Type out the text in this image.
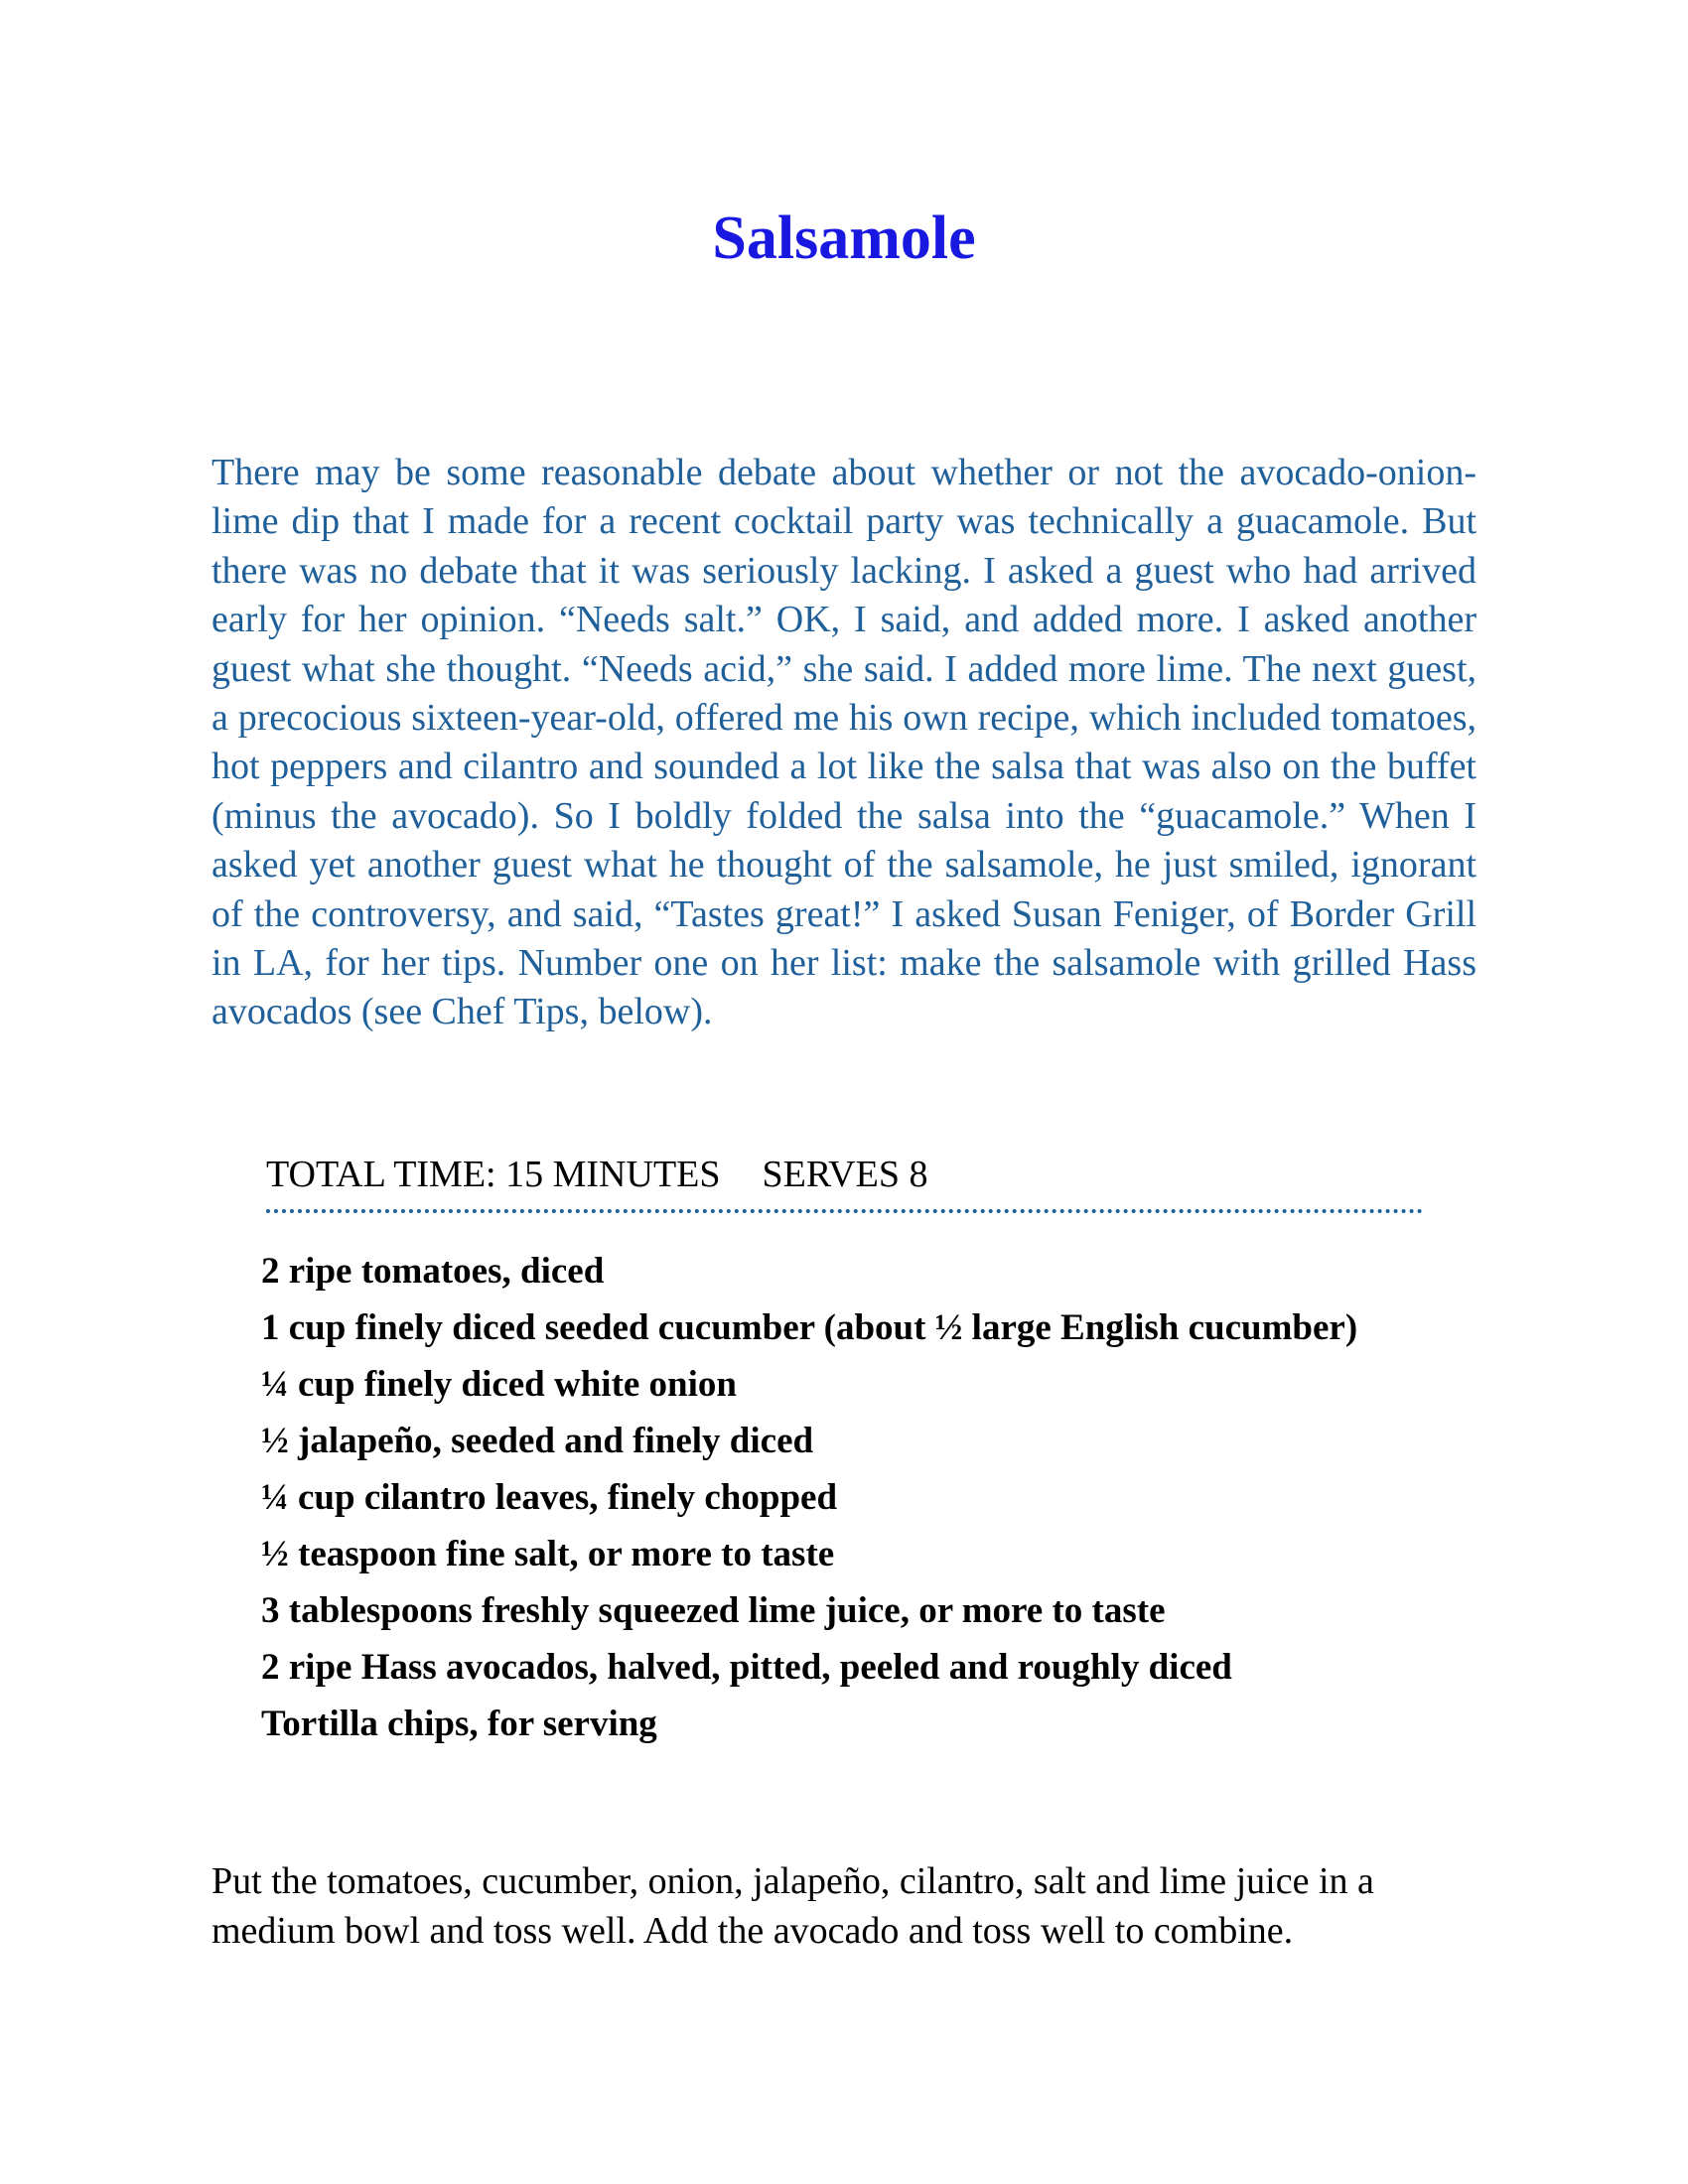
Salsamole

There may be some reasonable debate about whether or not the avocado-onion-lime dip that I made for a recent cocktail party was technically a guacamole. But there was no debate that it was seriously lacking. I asked a guest who had arrived early for her opinion. “Needs salt.” OK, I said, and added more. I asked another guest what she thought. “Needs acid,” she said. I added more lime. The next guest, a precocious sixteen-year-old, offered me his own recipe, which included tomatoes, hot peppers and cilantro and sounded a lot like the salsa that was also on the buffet (minus the avocado). So I boldly folded the salsa into the “guacamole.” When I asked yet another guest what he thought of the salsamole, he just smiled, ignorant of the controversy, and said, “Tastes great!” I asked Susan Feniger, of Border Grill in LA, for her tips. Number one on her list: make the salsamole with grilled Hass avocados (see Chef Tips, below).

TOTAL TIME: 15 MINUTES SERVES 8
2 ripe tomatoes, diced
1 cup finely diced seeded cucumber (about ½ large English cucumber)
¼ cup finely diced white onion
½ jalapeño, seeded and finely diced
¼ cup cilantro leaves, finely chopped
½ teaspoon fine salt, or more to taste
3 tablespoons freshly squeezed lime juice, or more to taste
2 ripe Hass avocados, halved, pitted, peeled and roughly diced
Tortilla chips, for serving

Put the tomatoes, cucumber, onion, jalapeño, cilantro, salt and lime juice in a medium bowl and toss well. Add the avocado and toss well to combine.
